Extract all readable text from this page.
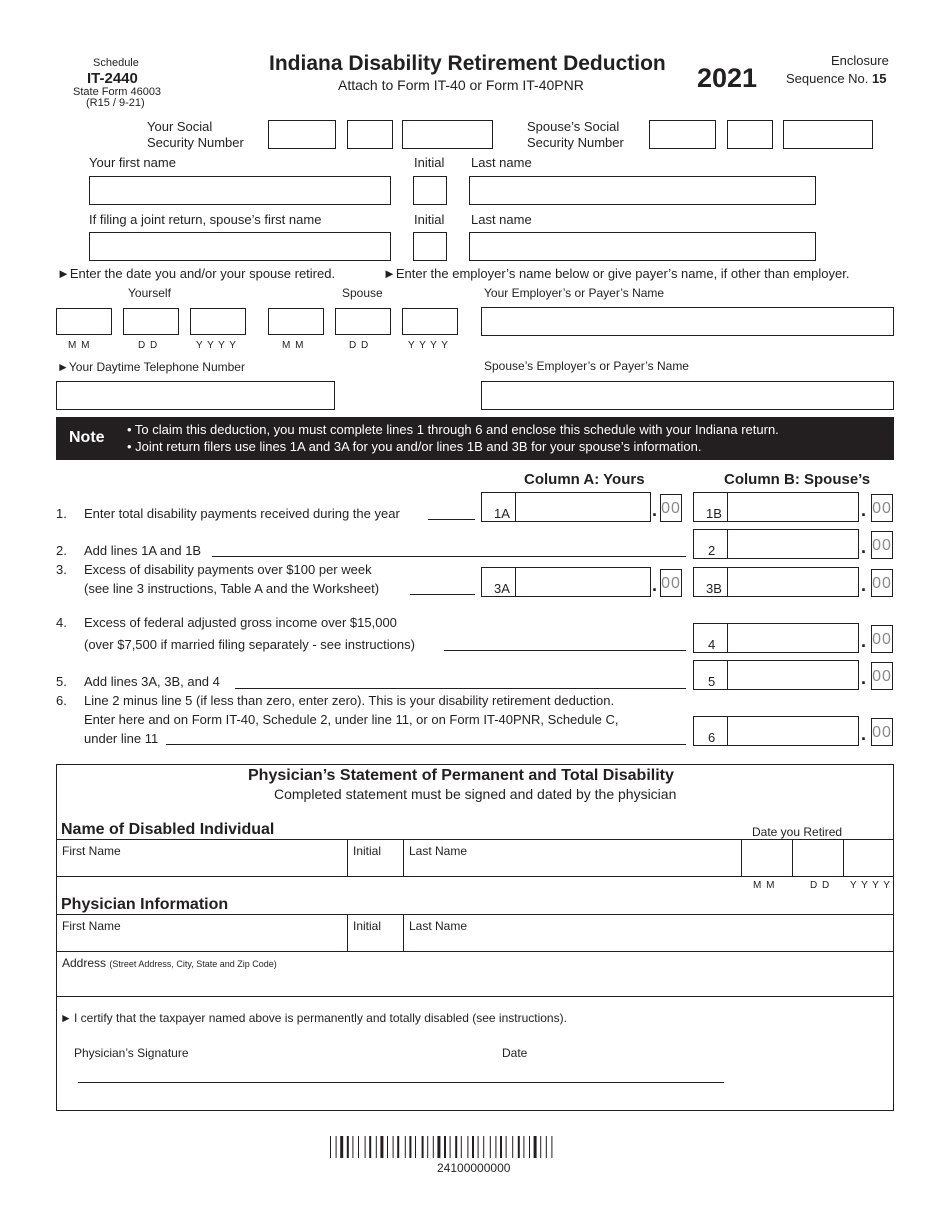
Schedule
IT-2440
State Form 46003
(R15 / 9-21)
Indiana Disability Retirement Deduction
Attach to Form IT-40 or Form IT-40PNR	2021
Enclosure
Sequence No. 15
Your Social
Security Number
Spouse’s Social
Security Number
Your first name	Initial Last name
If filing a joint return, spouse’s first name	Initial Last name
►Enter the date you and/or your spouse retired.	►Enter the employer’s name below or give payer’s name, if other than employer.
Yourself	Spouse	Your Employer’s or Payer’s Name
M M	D D	Y Y Y Y	M M	D D	Y Y Y Y
►Your Daytime Telephone Number	Spouse’s Employer’s or Payer’s Name
Note • To claim this deduction, you must complete lines 1 through 6 and enclose this schedule with your Indiana return.
• Joint return filers use lines 1A and 3A for you and/or lines 1B and 3B for your spouse’s information.
Column A: Yours	Column B: Spouse’s
1. Enter total disability payments received during the year	1A	. 00 1B	. 00
2. Add lines 1A and 1B	2	. 00
3. Excess of disability payments over $100 per week
(see line 3 instructions, Table A and the Worksheet)	3A	. 00 3B	. 00
4. Excess of federal adjusted gross income over $15,000
(over $7,500 if married filing separately - see instructions)	4	. 00
5. Add lines 3A, 3B, and 4	5	. 00
6. Line 2 minus line 5 (if less than zero, enter zero). This is your disability retirement deduction.
Enter here and on Form IT-40, Schedule 2, under line 11, or on Form IT-40PNR, Schedule C,
under line 11	6	. 00
Physician’s Statement of Permanent and Total Disability
Completed statement must be signed and dated by the physician
Name of Disabled Individual	Date you Retired
First Name	Initial Last Name
M M	D D Y Y Y Y
Physician Information
First Name	Initial Last Name
Address (Street Address, City, State and Zip Code)
► I certify that the taxpayer named above is permanently and totally disabled (see instructions).
Physician’s Signature	Date
24100000000
